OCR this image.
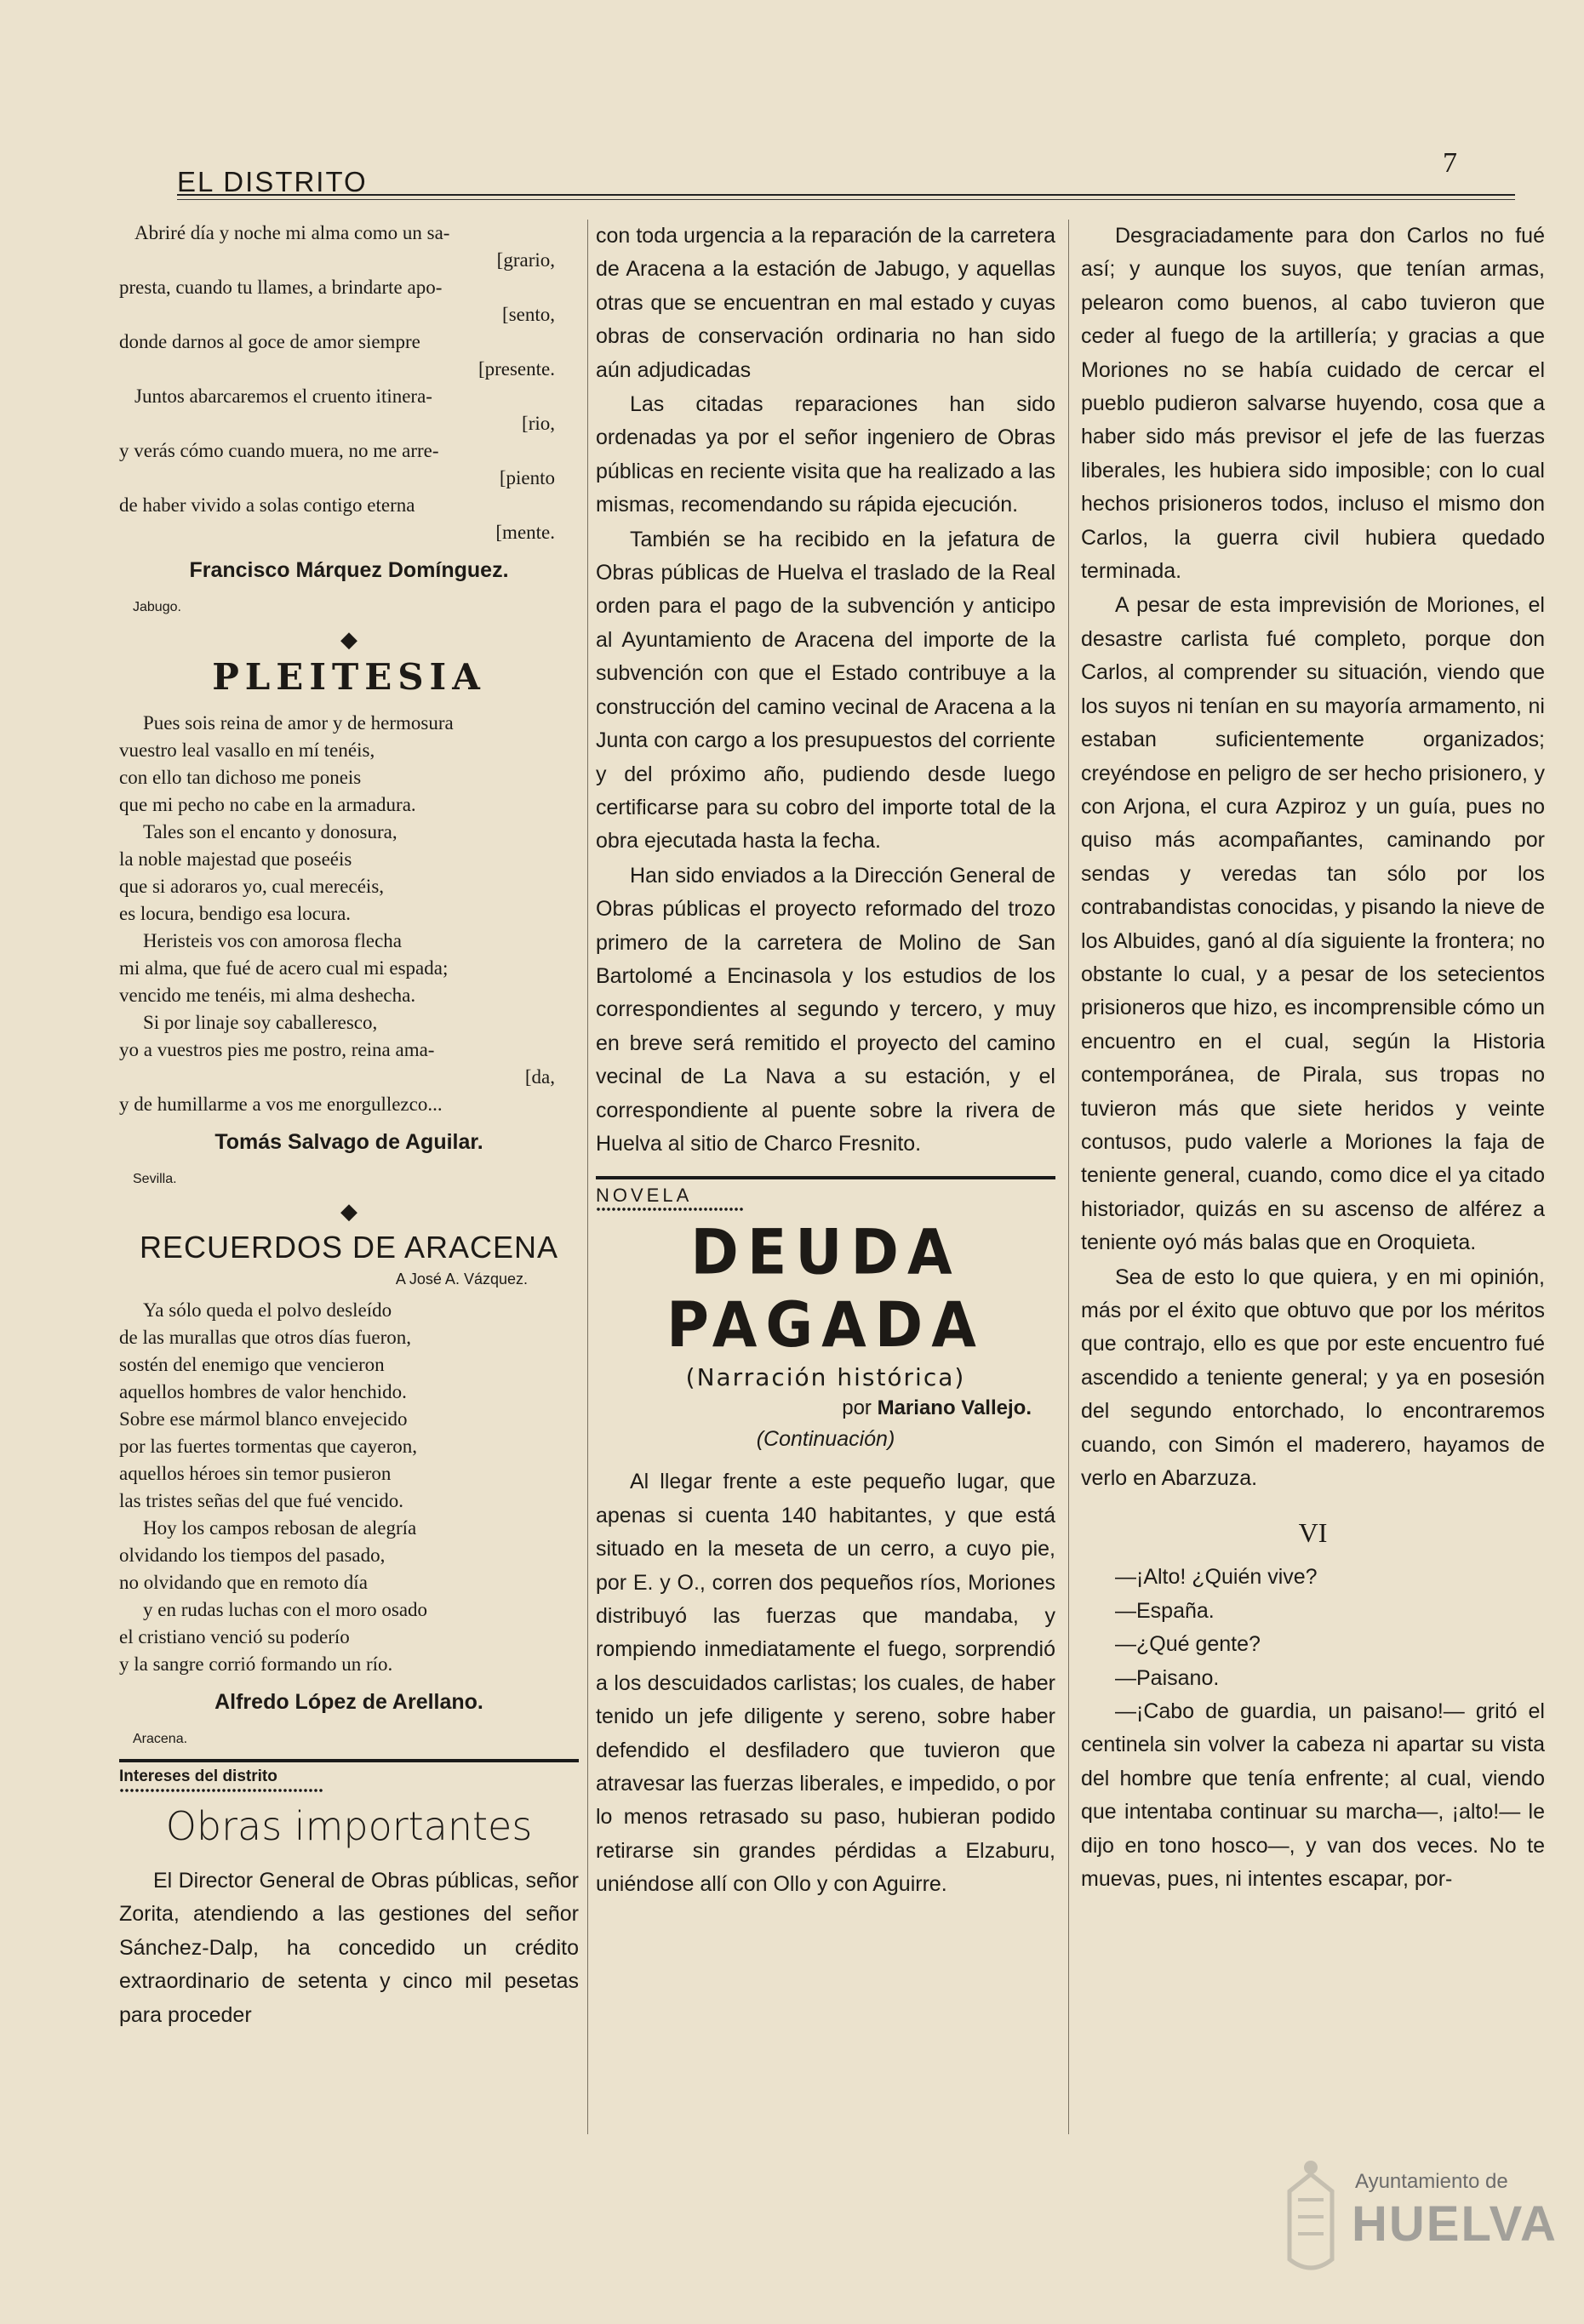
EL DISTRITO
7
Abriré día y noche mi alma como un sa-
[grario,
presta, cuando tu llames, a brindarte apo-
[sento,
donde darnos al goce de amor siempre
[presente.
Juntos abarcaremos el cruento itinera-
[rio,
y verás cómo cuando muera, no me arre-
[piento
de haber vivido a solas contigo eterna
[mente.
Francisco Márquez Domínguez.
Jabugo.
◆
PLEITESIA
Pues sois reina de amor y de hermosura
vuestro leal vasallo en mí tenéis,
con ello tan dichoso me poneis
que mi pecho no cabe en la armadura.
Tales son el encanto y donosura,
la noble majestad que poseéis
que si adoraros yo, cual merecéis,
es locura, bendigo esa locura.
Heristeis vos con amorosa flecha
mi alma, que fué de acero cual mi espada;
vencido me tenéis, mi alma deshecha.
Si por linaje soy caballeresco,
yo a vuestros pies me postro, reina ama-
[da,
y de humillarme a vos me enorgullezco...
Tomás Salvago de Aguilar.
Sevilla.
◆
RECUERDOS DE ARACENA
A José A. Vázquez.
Ya sólo queda el polvo desleído
de las murallas que otros días fueron,
sostén del enemigo que vencieron
aquellos hombres de valor henchido.
Sobre ese mármol blanco envejecido
por las fuertes tormentas que cayeron,
aquellos héroes sin temor pusieron
las tristes señas del que fué vencido.
Hoy los campos rebosan de alegría
olvidando los tiempos del pasado,
no olvidando que en remoto día
y en rudas luchas con el moro osado
el cristiano venció su poderío
y la sangre corrió formando un río.
Alfredo López de Arellano.
Aracena.
Intereses del distrito
Obras importantes

El Director General de Obras públicas, señor Zorita, atendiendo a las gestiones del señor Sánchez-Dalp, ha concedido un crédito extraordinario de setenta y cinco mil pesetas para proceder

con toda urgencia a la reparación de la carretera de Aracena a la estación de Jabugo, y aquellas otras que se encuentran en mal estado y cuyas obras de conservación ordinaria no han sido aún adjudicadas

Las citadas reparaciones han sido ordenadas ya por el señor ingeniero de Obras públicas en reciente visita que ha realizado a las mismas, recomendando su rápida ejecución.

También se ha recibido en la jefatura de Obras públicas de Huelva el traslado de la Real orden para el pago de la subvención y anticipo al Ayuntamiento de Aracena del importe de la subvención con que el Estado contribuye a la construcción del camino vecinal de Aracena a la Junta con cargo a los presupuestos del corriente y del próximo año, pudiendo desde luego certificarse para su cobro del importe total de la obra ejecutada hasta la fecha.

Han sido enviados a la Dirección General de Obras públicas el proyecto reformado del trozo primero de la carretera de Molino de San Bartolomé a Encinasola y los estudios de los correspondientes al segundo y tercero, y muy en breve será remitido el proyecto del camino vecinal de La Nava a su estación, y el correspondiente al puente sobre la rivera de Huelva al sitio de Charco Fresnito.

NOVELA
DEUDA PAGADA
(Narración histórica)
por Mariano Vallejo.
(Continuación)

Al llegar frente a este pequeño lugar, que apenas si cuenta 140 habitantes, y que está situado en la meseta de un cerro, a cuyo pie, por E. y O., corren dos pequeños ríos, Moriones distribuyó las fuerzas que mandaba, y rompiendo inmediatamente el fuego, sorprendió a los descuidados carlistas; los cuales, de haber tenido un jefe diligente y sereno, sobre haber defendido el desfiladero que tuvieron que atravesar las fuerzas liberales, e impedido, o por lo menos retrasado su paso, hubieran podido retirarse sin grandes pérdidas a Elzaburu, uniéndose allí con Ollo y con Aguirre.

Desgraciadamente para don Carlos no fué así; y aunque los suyos, que tenían armas, pelearon como buenos, al cabo tuvieron que ceder al fuego de la artillería; y gracias a que Moriones no se había cuidado de cercar el pueblo pudieron salvarse huyendo, cosa que a haber sido más previsor el jefe de las fuerzas liberales, les hubiera sido imposible; con lo cual hechos prisioneros todos, incluso el mismo don Carlos, la guerra civil hubiera quedado terminada.

A pesar de esta imprevisión de Moriones, el desastre carlista fué completo, porque don Carlos, al comprender su situación, viendo que los suyos ni tenían en su mayoría armamento, ni estaban suficientemente organizados; creyéndose en peligro de ser hecho prisionero, y con Arjona, el cura Azpiroz y un guía, pues no quiso más acompañantes, caminando por sendas y veredas tan sólo por los contrabandistas conocidas, y pisando la nieve de los Albuides, ganó al día siguiente la frontera; no obstante lo cual, y a pesar de los setecientos prisioneros que hizo, es incomprensible cómo un encuentro en el cual, según la Historia contemporánea, de Pirala, sus tropas no tuvieron más que siete heridos y veinte contusos, pudo valerle a Moriones la faja de teniente general, cuando, como dice el ya citado historiador, quizás en su ascenso de alférez a teniente oyó más balas que en Oroquieta.

Sea de esto lo que quiera, y en mi opinión, más por el éxito que obtuvo que por los méritos que contrajo, ello es que por este encuentro fué ascendido a teniente general; y ya en posesión del segundo entorchado, lo encontraremos cuando, con Simón el maderero, hayamos de verlo en Abarzuza.

VI

—¡Alto! ¿Quién vive?

—España.

—¿Qué gente?

—Paisano.

—¡Cabo de guardia, un paisano!— gritó el centinela sin volver la cabeza ni apartar su vista del hombre que tenía enfrente; al cual, viendo que intentaba continuar su marcha—, ¡alto!— le dijo en tono hosco—, y van dos veces. No te muevas, pues, ni intentes escapar, por-

Ayuntamiento de
HUELVA
